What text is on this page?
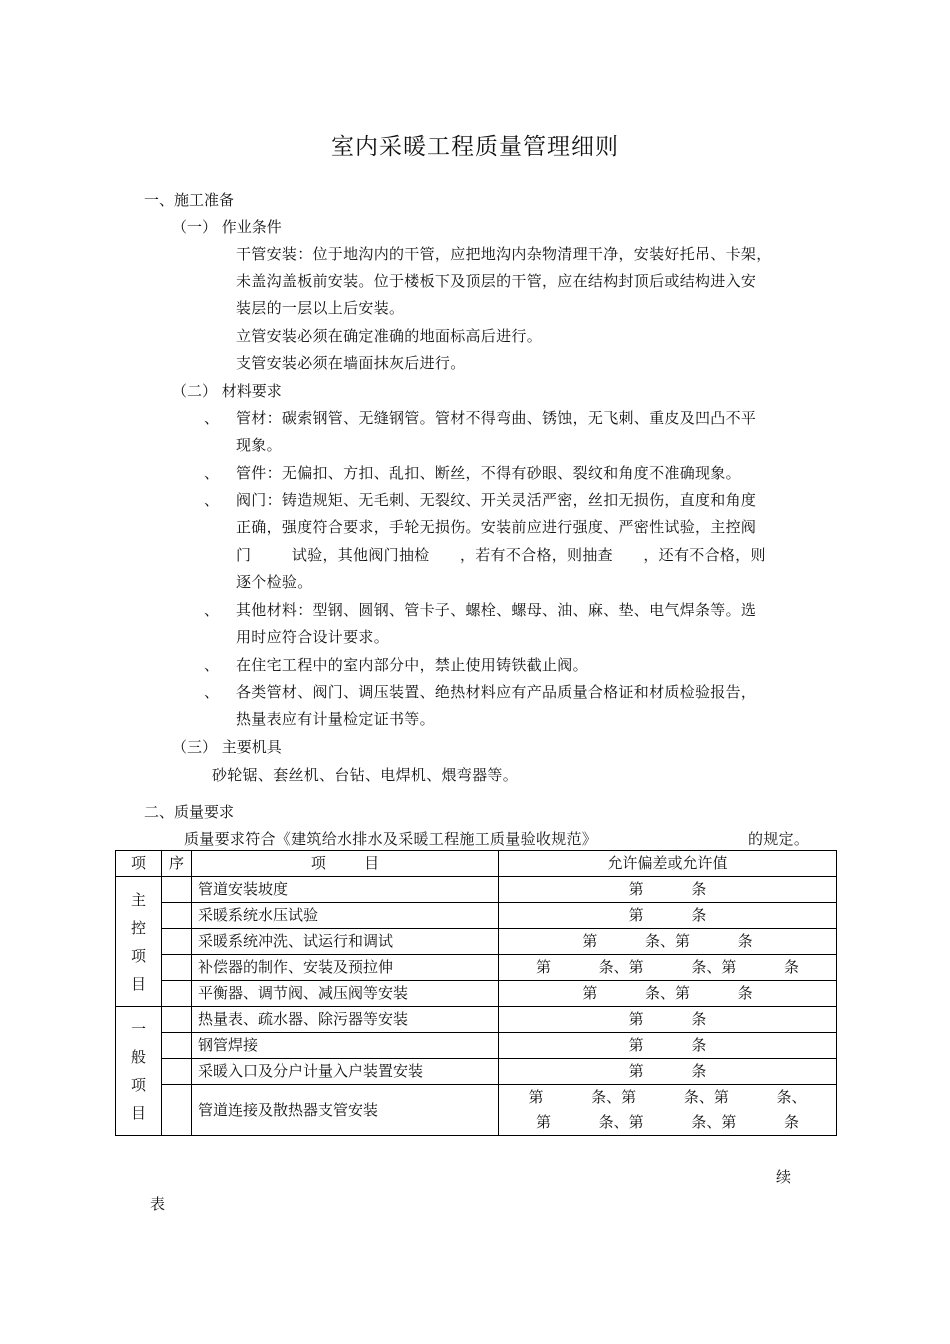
室内采暖工程质量管理细则
一、施工准备
（一） 作业条件
干管安装：位于地沟内的干管，应把地沟内杂物清理干净，安装好托吊、卡架，
未盖沟盖板前安装。位于楼板下及顶层的干管，应在结构封顶后或结构进入安
装层的一层以上后安装。
立管安装必须在确定准确的地面标高后进行。
支管安装必须在墙面抹灰后进行。
（二） 材料要求
、 管材：碳索钢管、无缝钢管。管材不得弯曲、锈蚀，无飞刺、重皮及凹凸不平
现象。
、 管件：无偏扣、方扣、乱扣、断丝，不得有砂眼、裂纹和角度不准确现象。
、 阀门：铸造规矩、无毛刺、无裂纹、开关灵活严密，丝扣无损伤，直度和角度
正确，强度符合要求，手轮无损伤。安装前应进行强度、严密性试验，主控阀
门        试验，其他阀门抽检      ，若有不合格，则抽查      ，还有不合格，则
逐个检验。
、 其他材料：型钢、圆钢、管卡子、螺栓、螺母、油、麻、垫、电气焊条等。选
用时应符合设计要求。
、 在住宅工程中的室内部分中，禁止使用铸铁截止阀。
、 各类管材、阀门、调压装置、绝热材料应有产品质量合格证和材质检验报告，
热量表应有计量检定证书等。
（三） 主要机具
砂轮锯、套丝机、台钻、电焊机、煨弯器等。
二、质量要求
质量要求符合《建筑给水排水及采暖工程施工质量验收规范》	的规定。
项	序	项        目	允许偏差或允许值

主
控
项
目		管道安装坡度	第          条
		采暖系统水压试验	第          条
		采暖系统冲洗、试运行和调试	第          条、第          条
		补偿器的制作、安装及预拉伸	第          条、第          条、第          条
		平衡器、调节阀、减压阀等安装	第          条、第          条

一
般
项
目		热量表、疏水器、除污器等安装	第          条
		钢管焊接	第          条
		采暖入口及分户计量入户装置安装	第          条
		管道连接及散热器支管安装	第          条、第          条、第          条、
第          条、第          条、第          条
续
表
